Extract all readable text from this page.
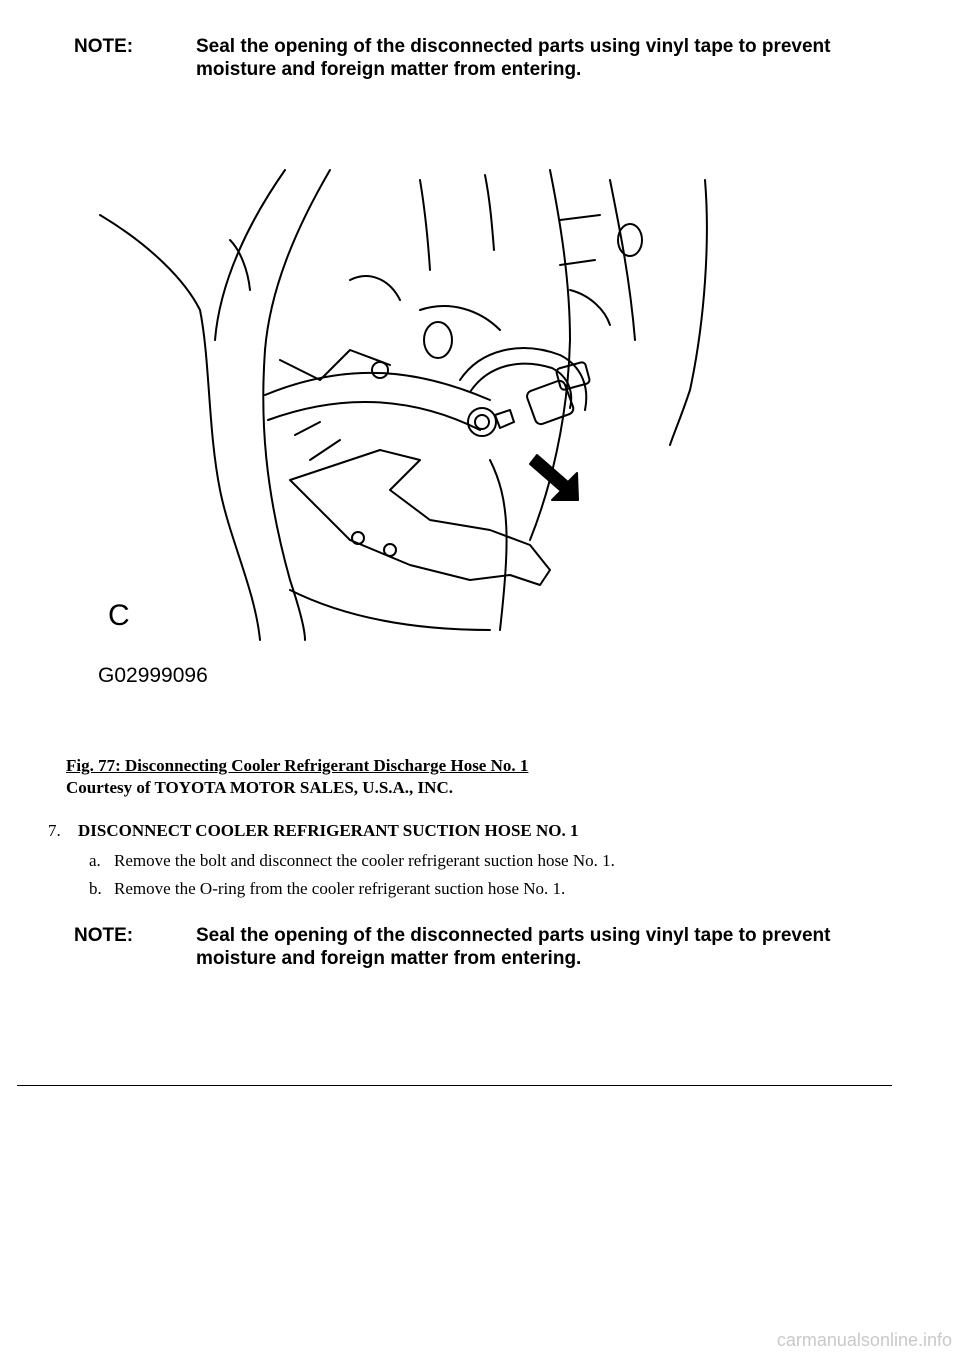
NOTE:	Seal the opening of the disconnected parts using vinyl tape to prevent moisture and foreign matter from entering.
C
G02999096
Fig. 77: Disconnecting Cooler Refrigerant Discharge Hose No. 1
Courtesy of TOYOTA MOTOR SALES, U.S.A., INC.
7. DISCONNECT COOLER REFRIGERANT SUCTION HOSE NO. 1
a. Remove the bolt and disconnect the cooler refrigerant suction hose No. 1.
b. Remove the O-ring from the cooler refrigerant suction hose No. 1.
NOTE:	Seal the opening of the disconnected parts using vinyl tape to prevent moisture and foreign matter from entering.
carmanualsonline.info
